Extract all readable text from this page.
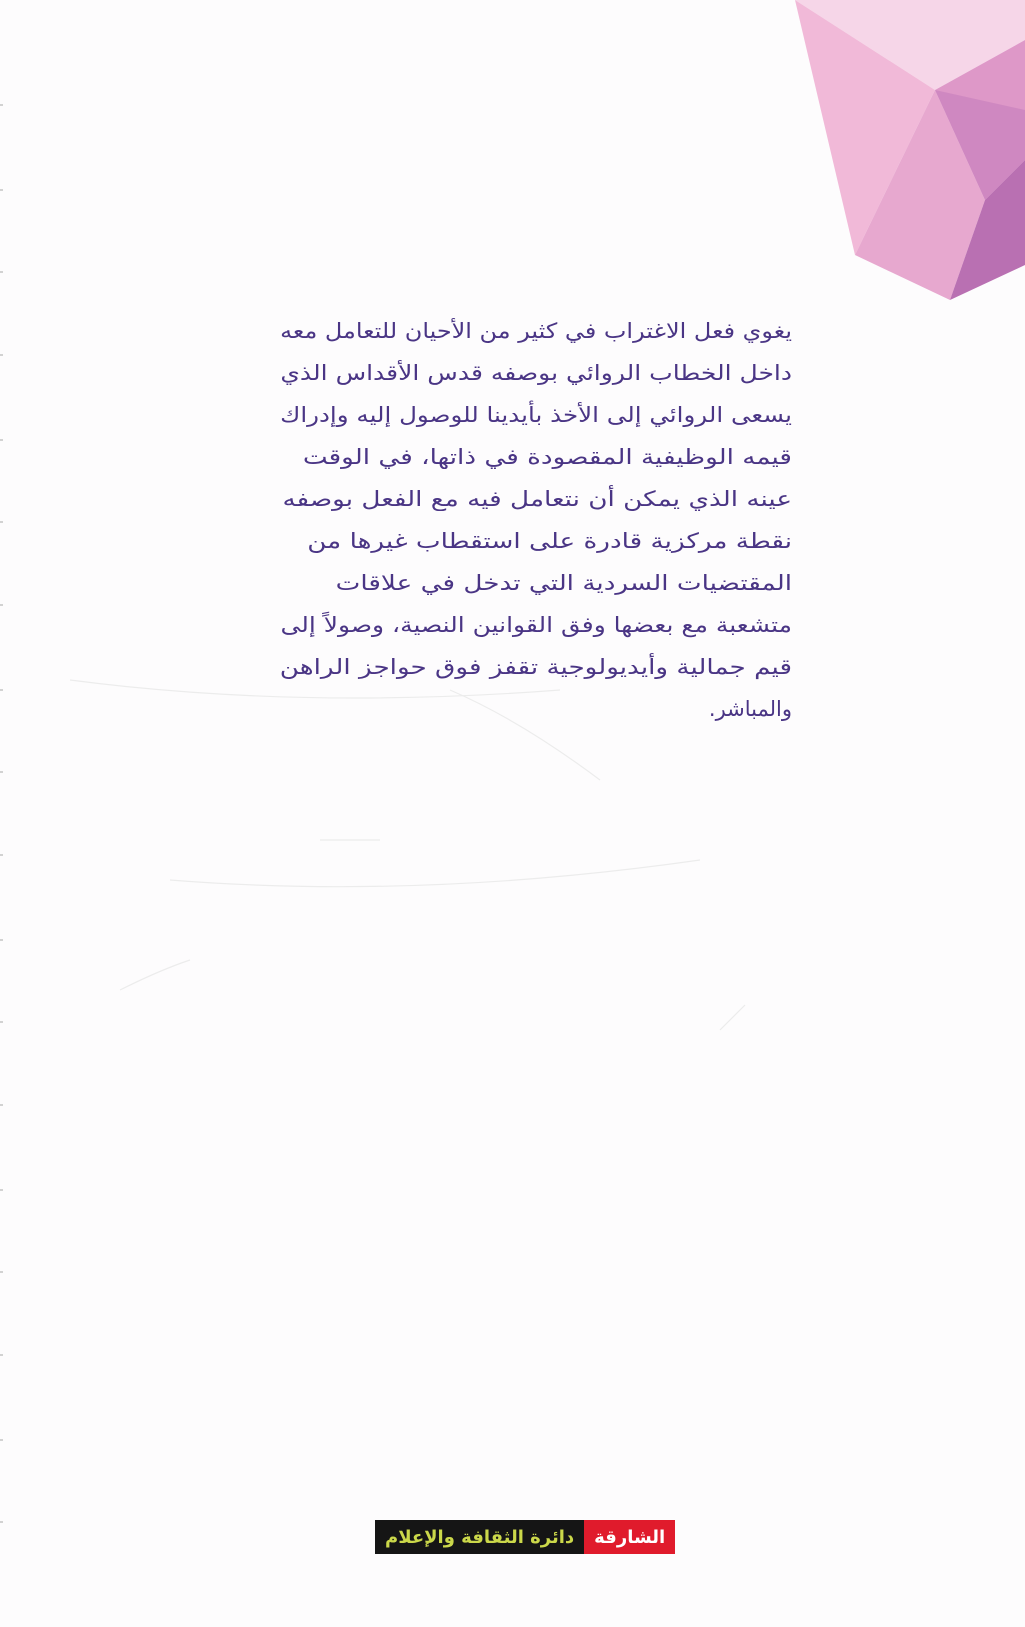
يغوي فعل الاغتراب في كثير من الأحيان للتعامل معه
داخل الخطاب الروائي بوصفه قدس الأقداس الذي
يسعى الروائي إلى الأخذ بأيدينا للوصول إليه وإدراك
قيمه الوظيفية المقصودة في ذاتها، في الوقت
عينه الذي يمكن أن نتعامل فيه مع الفعل بوصفه
نقطة مركزية قادرة على استقطاب غيرها من
المقتضيات السردية التي تدخل في علاقات
متشعبة مع بعضها وفق القوانين النصية، وصولاً إلى
قيم جمالية وأيديولوجية تقفز فوق حواجز الراهن
والمباشر.
الشارقة
دائرة الثقافة والإعلام
